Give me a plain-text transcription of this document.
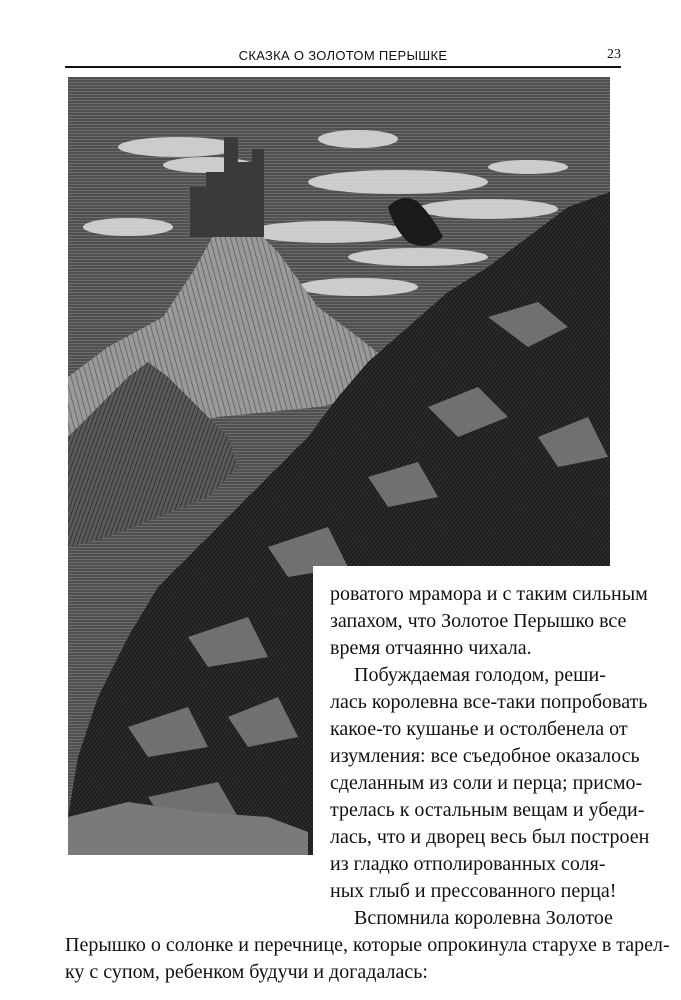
СКАЗКА О ЗОЛОТОМ ПЕРЫШКЕ	23
роватого мрамора и с таким сильным
запахом, что Золотое Перышко все
время отчаянно чихала.
Побуждаемая голодом, реши-
лась королевна все-таки попробовать
какое-то кушанье и остолбенела от
изумления: все съедобное оказалось
сделанным из соли и перца; присмо-
трелась к остальным вещам и убеди-
лась, что и дворец весь был построен
из гладко отполированных соля-
ных глыб и прессованного перца!
Вспомнила королевна Золотое
Перышко о солонке и перечнице, которые опрокинула старухе в тарел-
ку с супом, ребенком будучи и догадалась:
